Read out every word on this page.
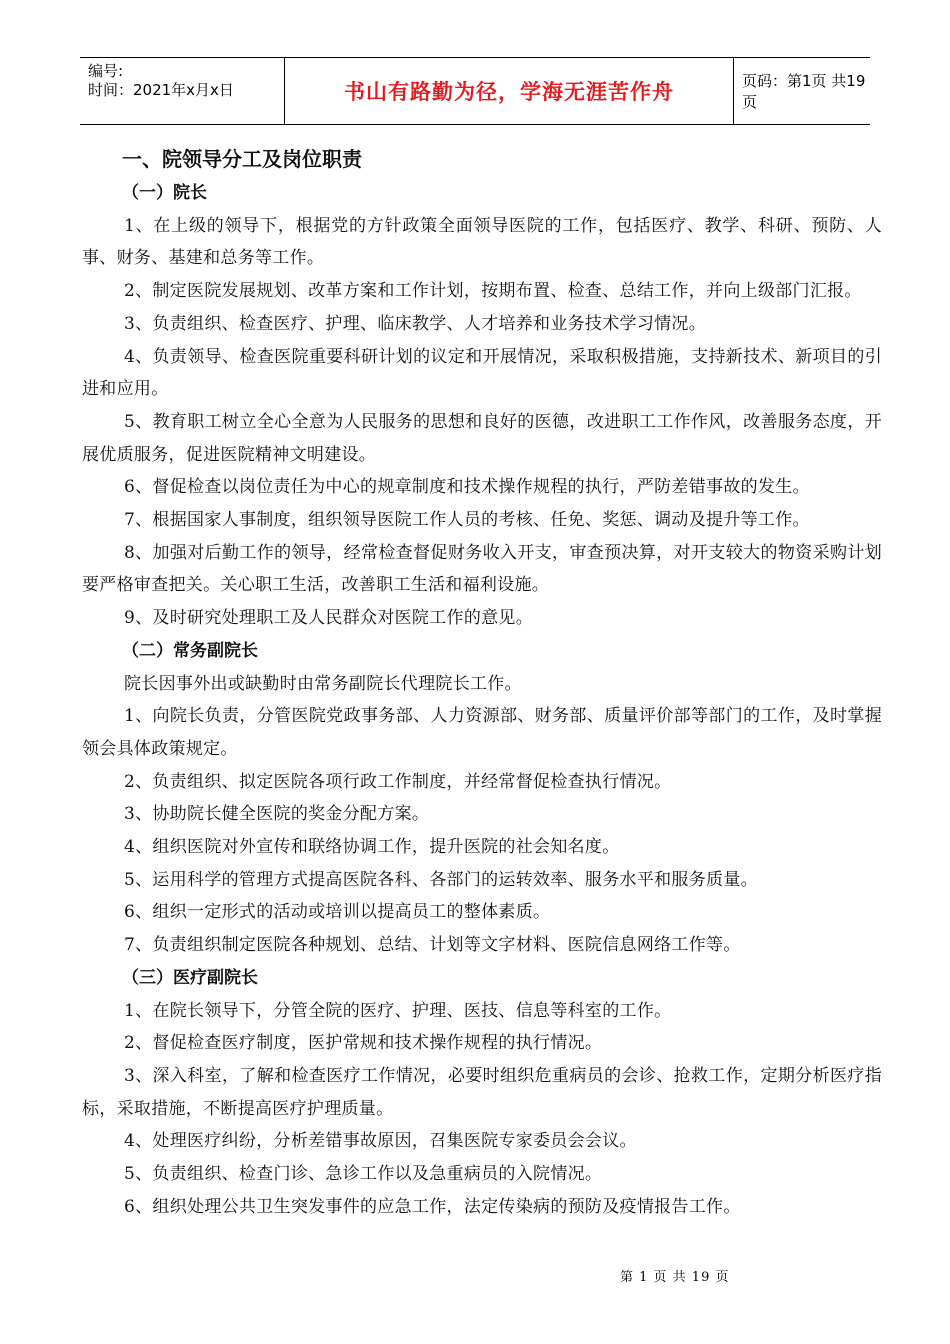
编号:
时间：2021年x月x日	书山有路勤为径，学海无涯苦作舟	页码：第1页 共19页
一、院领导分工及岗位职责
（一）院长

1、在上级的领导下，根据党的方针政策全面领导医院的工作，包括医疗、教学、科研、预防、人事、财务、基建和总务等工作。

2、制定医院发展规划、改革方案和工作计划，按期布置、检查、总结工作，并向上级部门汇报。

3、负责组织、检查医疗、护理、临床教学、人才培养和业务技术学习情况。

4、负责领导、检查医院重要科研计划的议定和开展情况，采取积极措施，支持新技术、新项目的引进和应用。

5、教育职工树立全心全意为人民服务的思想和良好的医德，改进职工工作作风，改善服务态度，开展优质服务，促进医院精神文明建设。

6、督促检查以岗位责任为中心的规章制度和技术操作规程的执行，严防差错事故的发生。

7、根据国家人事制度，组织领导医院工作人员的考核、任免、奖惩、调动及提升等工作。

8、加强对后勤工作的领导，经常检查督促财务收入开支，审查预决算，对开支较大的物资采购计划要严格审查把关。关心职工生活，改善职工生活和福利设施。

9、及时研究处理职工及人民群众对医院工作的意见。

（二）常务副院长

院长因事外出或缺勤时由常务副院长代理院长工作。

1、向院长负责，分管医院党政事务部、人力资源部、财务部、质量评价部等部门的工作，及时掌握领会具体政策规定。

2、负责组织、拟定医院各项行政工作制度，并经常督促检查执行情况。

3、协助院长健全医院的奖金分配方案。

4、组织医院对外宣传和联络协调工作，提升医院的社会知名度。

5、运用科学的管理方式提高医院各科、各部门的运转效率、服务水平和服务质量。

6、组织一定形式的活动或培训以提高员工的整体素质。

7、负责组织制定医院各种规划、总结、计划等文字材料、医院信息网络工作等。

（三）医疗副院长

1、在院长领导下，分管全院的医疗、护理、医技、信息等科室的工作。

2、督促检查医疗制度，医护常规和技术操作规程的执行情况。

3、深入科室，了解和检查医疗工作情况，必要时组织危重病员的会诊、抢救工作，定期分析医疗指标，采取措施，不断提高医疗护理质量。

4、处理医疗纠纷，分析差错事故原因，召集医院专家委员会会议。

5、负责组织、检查门诊、急诊工作以及急重病员的入院情况。

6、组织处理公共卫生突发事件的应急工作，法定传染病的预防及疫情报告工作。

第 1 页 共 19 页
